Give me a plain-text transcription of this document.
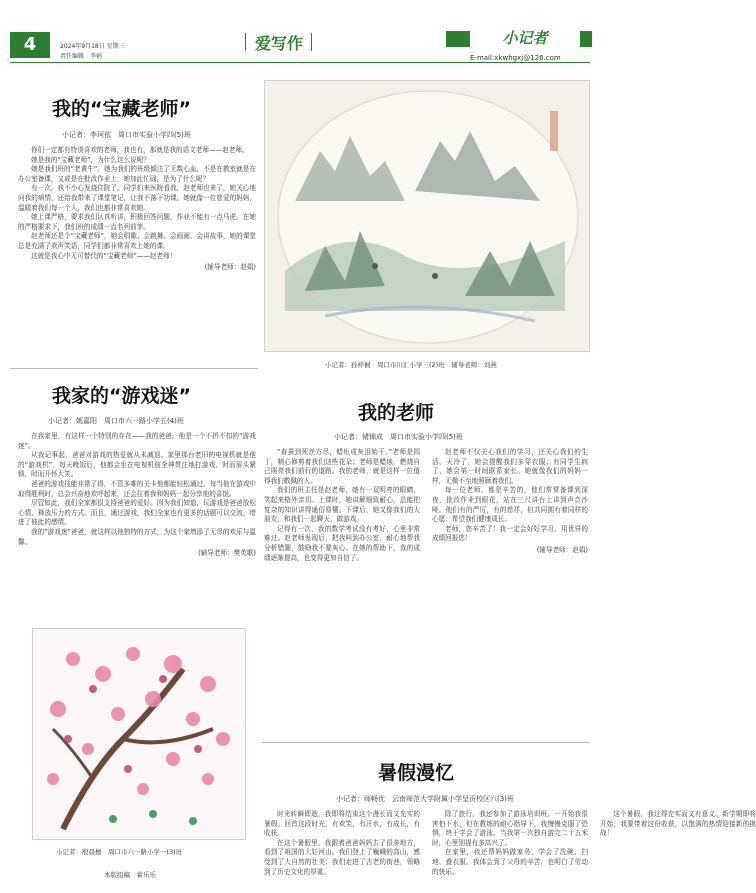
4	2024年9月18日 星期三
责任编辑　李娟
爱写作	小记者
E-mail:xkwhgxj@126.com
我的“宝藏老师”
小记者：李珂依　周口市实验小学四(5)班

你们一定都有特别喜欢的老师，我也有，那就是我的语文老师——赵老师。

她是我的“宝藏老师”，为什么这么说呢？

她是我们班的“老黄牛”。她为我们的班级倾注了无数心血，不是在教室就是在办公室备课，又或是在批改作业上，她加此忙碌，是为了什么呢？

有一次，我不小心发烧住院了。同学们来医院看我，赵老师也来了，她关心地问我的病情，还给我带来了课堂笔记，让我不落下功课。她就像一位慈爱的妈妈，温暖着我们每一个人，我们也都非常喜欢她。

她上课严格，要求我们认真听讲，积极回答问题，作业不能有一点马虎。在她的严格要求下，我们班的成绩一直名列前茅。

赵老师还是个“宝藏老师”，她会唱歌、会跳舞、会画画、会讲故事，她的课堂总是充满了欢声笑语，同学们都非常喜欢上她的课。

这就是我心中无可替代的“宝藏老师”——赵老师！

(辅导老师：赵娟)
小记者：孙梓桐　周口市川汇小学三(2)班　辅导老师：刘燕
我家的“游戏迷”
小记者：姚嘉阳　周口市六一路小学五(4)班

在我家里，有这样一个特别的存在——我的爸爸。他是一个不折不扣的“游戏迷”。

从我记事起，爸爸对游戏的热爱就从未减退。家里那台老旧的电视机就是他的“游戏机”，每天晚饭后，他都会坐在电视机前全神贯注地打游戏，时而眉头紧锁，时而开怀大笑。

爸爸的游戏技能非常了得，不管多难的关卡他都能轻松通过。每当他在游戏中取得胜利时，总会兴奋地欢呼起来，还会拉着我和妈妈一起分享他的喜悦。

尽管如此，我们全家都很支持爸爸的爱好。因为我们知道，玩游戏是爸爸放松心情、释放压力的方式。而且，通过游戏，我们全家也有更多的话题可以交流，增进了彼此的感情。

我的“游戏迷”爸爸，就这样以他独特的方式，为这个家增添了无尽的欢乐与温馨。

(辅导老师：樊英歌)
小记者：殷晨檀　周口市六一路小学一(3)班
本版组稿　翟乐乐
我的老师
小记者：褚锦成　周口市实验小学四(5)班

“春蚕到死丝方尽，蜡炬成灰泪始干。”老师是园丁，精心修剪着我们这些花朵；老师是蜡烛，燃烧自己照亮我们前行的道路。我的老师，就是这样一位值得我们敬佩的人。

我们的班主任是赵老师，她有一双明亮的眼睛，笑起来格外亲切。上课时，她讲解细致耐心，总能把复杂的知识讲得通俗易懂。下课后，她又像我们的大朋友，和我们一起聊天、做游戏。

记得有一次，我的数学考试没有考好，心里非常难过。赵老师发现后，把我叫到办公室，耐心地帮我分析错题，鼓励我不要灰心。在她的帮助下，我的成绩逐渐提高，也变得更加自信了。

赵老师不仅关心我们的学习，还关心我们的生活。天冷了，她会提醒我们多穿衣服；有同学生病了，她会第一时间联系家长。她就像我们的妈妈一样，无微不至地照顾着我们。

每一位老师，都是辛苦的，他们常常备课到深夜，批改作业到眼花，站在三尺讲台上讲到声音沙哑。他们有的严厉，有的慈祥，但共同拥有着同样的心愿：希望我们健康成长。

老师，您辛苦了！我一定会好好学习，用优异的成绩回报您！

(辅导老师：赵娟)
暑假漫忆
小记者：师畅优　云南师范大学附属小学呈贡校区六(3)班

时光转瞬即逝，我即将结束这个漫长而又充实的暑假。回首这段时光，有欢笑，有汗水，有成长，有收获。

在这个暑假里，我跟着爸爸妈妈去了很多地方，看到了祖国的大好河山。我们登上了巍峨的高山，感受到了大自然的壮美；我们走进了古老的街巷，领略到了历史文化的厚重。

除了旅行，我还参加了游泳培训班。一开始我很害怕下水，但在教练的耐心指导下，我慢慢克服了恐惧，终于学会了游泳。当我第一次独自游完二十五米时，心里别提有多高兴了。

在家里，我还帮妈妈做家务，学会了洗碗、扫地、叠衣服。我体会到了父母的辛苦，也明白了劳动的快乐。

这个暑假，我过得充实而又有意义。新学期即将开始，我要带着这份收获，以饱满的热情迎接新的挑战！
